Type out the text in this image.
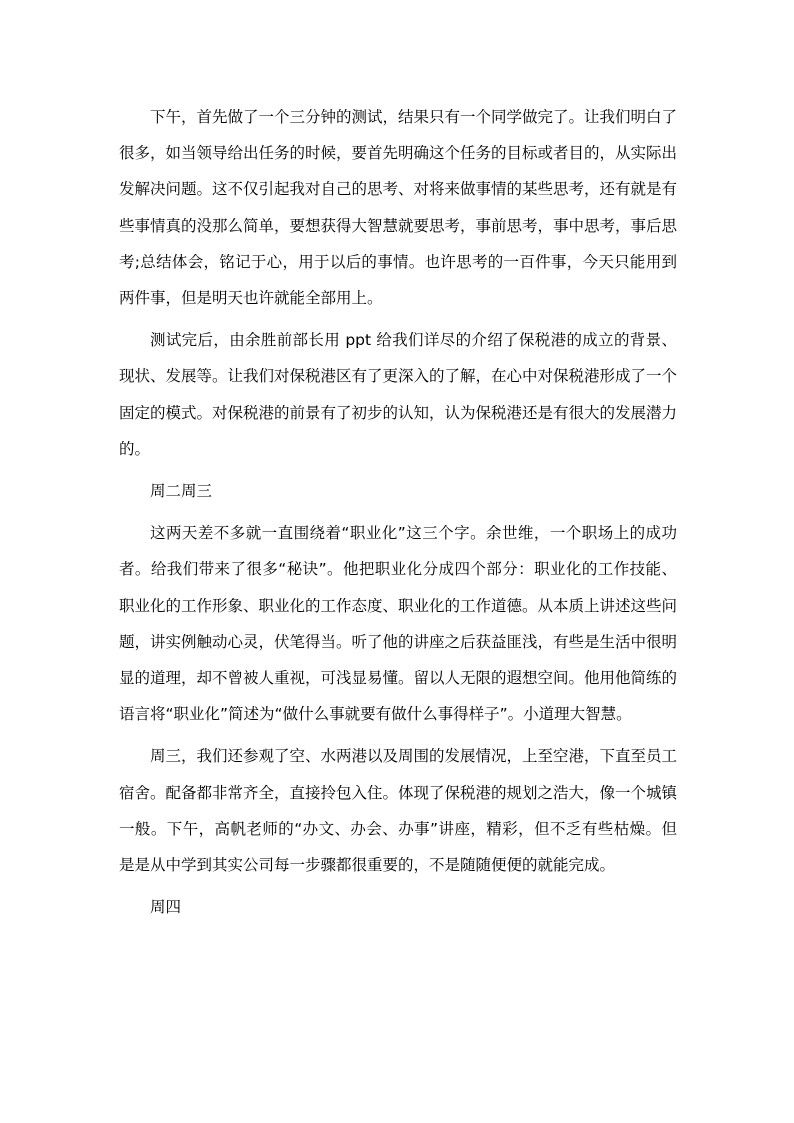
下午，首先做了一个三分钟的测试，结果只有一个同学做完了。让我们明白了很多，如当领导给出任务的时候，要首先明确这个任务的目标或者目的，从实际出发解决问题。这不仅引起我对自己的思考、对将来做事情的某些思考，还有就是有些事情真的没那么简单，要想获得大智慧就要思考，事前思考，事中思考，事后思考;总结体会，铭记于心，用于以后的事情。也许思考的一百件事，今天只能用到两件事，但是明天也许就能全部用上。

测试完后，由余胜前部长用 ppt 给我们详尽的介绍了保税港的成立的背景、现状、发展等。让我们对保税港区有了更深入的了解，在心中对保税港形成了一个固定的模式。对保税港的前景有了初步的认知，认为保税港还是有很大的发展潜力的。

周二周三

这两天差不多就一直围绕着“职业化”这三个字。余世维，一个职场上的成功者。给我们带来了很多“秘诀”。他把职业化分成四个部分：职业化的工作技能、职业化的工作形象、职业化的工作态度、职业化的工作道德。从本质上讲述这些问题，讲实例触动心灵，伏笔得当。听了他的讲座之后获益匪浅，有些是生活中很明显的道理，却不曾被人重视，可浅显易懂。留以人无限的遐想空间。他用他简练的语言将“职业化”简述为“做什么事就要有做什么事得样子”。小道理大智慧。

周三，我们还参观了空、水两港以及周围的发展情况，上至空港，下直至员工宿舍。配备都非常齐全，直接拎包入住。体现了保税港的规划之浩大，像一个城镇一般。下午，高帆老师的“办文、办会、办事”讲座，精彩，但不乏有些枯燥。但是是从中学到其实公司每一步骤都很重要的，不是随随便便的就能完成。

周四
